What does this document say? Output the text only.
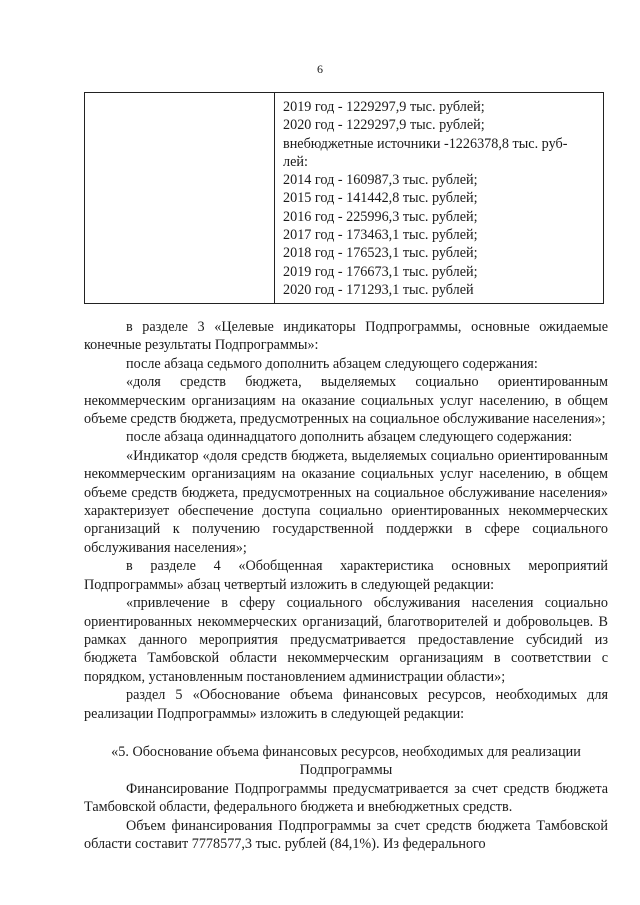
6
2019 год - 1229297,9 тыс. рублей;
2020 год - 1229297,9 тыс. рублей;
внебюджетные источники -1226378,8 тыс. руб-
лей:
2014 год - 160987,3 тыс. рублей;
2015 год - 141442,8 тыс. рублей;
2016 год - 225996,3 тыс. рублей;
2017 год - 173463,1 тыс. рублей;
2018 год - 176523,1 тыс. рублей;
2019 год - 176673,1 тыс. рублей;
2020 год - 171293,1 тыс. рублей

в разделе 3 «Целевые индикаторы Подпрограммы, основные ожидаемые конечные результаты Подпрограммы»:

после абзаца седьмого дополнить абзацем следующего содержания:

«доля средств бюджета, выделяемых социально ориентированным некоммерческим организациям на оказание социальных услуг населению, в общем объеме средств бюджета, предусмотренных на социальное обслуживание населения»;

после абзаца одиннадцатого дополнить абзацем следующего содержания:

«Индикатор «доля средств бюджета, выделяемых социально ориентированным некоммерческим организациям на оказание социальных услуг населению, в общем объеме средств бюджета, предусмотренных на социальное обслуживание населения» характеризует обеспечение доступа социально ориентированных некоммерческих организаций к получению государственной поддержки в сфере социального обслуживания населения»;

в разделе 4 «Обобщенная характеристика основных мероприятий Подпрограммы» абзац четвертый изложить в следующей редакции:

«привлечение в сферу социального обслуживания населения социально ориентированных некоммерческих организаций, благотворителей и добровольцев. В рамках данного мероприятия предусматривается предоставление субсидий из бюджета Тамбовской области некоммерческим организациям в соответствии с порядком, установленным постановлением администрации области»;

раздел 5 «Обоснование объема финансовых ресурсов, необходимых для реализации Подпрограммы» изложить в следующей редакции:

«5. Обоснование объема финансовых ресурсов, необходимых для реализации Подпрограммы

Финансирование Подпрограммы предусматривается за счет средств бюджета Тамбовской области, федерального бюджета и внебюджетных средств.

Объем финансирования Подпрограммы за счет средств бюджета Тамбовской области составит 7778577,3 тыс. рублей (84,1%). Из федерального
